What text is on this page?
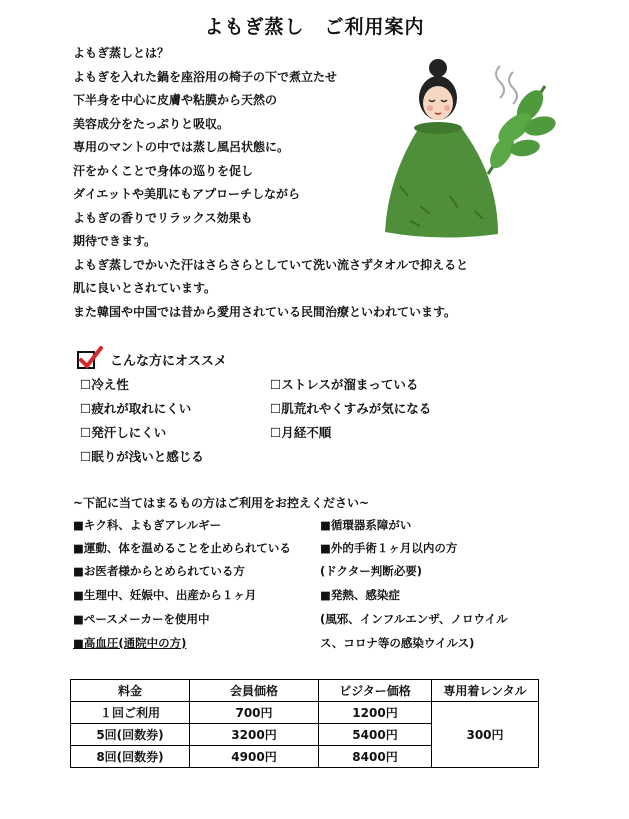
よもぎ蒸し　ご利用案内
よもぎ蒸しとは？
よもぎを入れた鍋を座浴用の椅子の下で煮立たせ
下半身を中心に皮膚や粘膜から天然の
美容成分をたっぷりと吸収。
専用のマントの中では蒸し風呂状態に。
汗をかくことで身体の巡りを促し
ダイエットや美肌にもアプローチしながら
よもぎの香りでリラックス効果も
期待できます。
よもぎ蒸しでかいた汗はさらさらとしていて洗い流さずタオルで抑えると
肌に良いとされています。
また韓国や中国では昔から愛用されている民間治療といわれています。
こんな方にオススメ
☐冷え性
☐疲れが取れにくい
☐発汗しにくい
☐眠りが浅いと感じる
☐ストレスが溜まっている
☐肌荒れやくすみが気になる
☐月経不順
~下記に当てはまるもの方はご利用をお控えください~
■キク科、よもぎアレルギー
■運動、体を温めることを止められている
■お医者様からとめられている方
■生理中、妊娠中、出産から１ヶ月
■ペースメーカーを使用中
■高血圧(通院中の方)
■循環器系障がい
■外的手術１ヶ月以内の方
(ドクター判断必要)
■発熱、感染症
(風邪、インフルエンザ、ノロウイル
ス、コロナ等の感染ウイルス)
料金	会員価格	ビジター価格	専用着レンタル
１回ご利用	700円	1200円	300円
5回(回数券)	3200円	5400円	
8回(回数券)	4900円	8400円	
